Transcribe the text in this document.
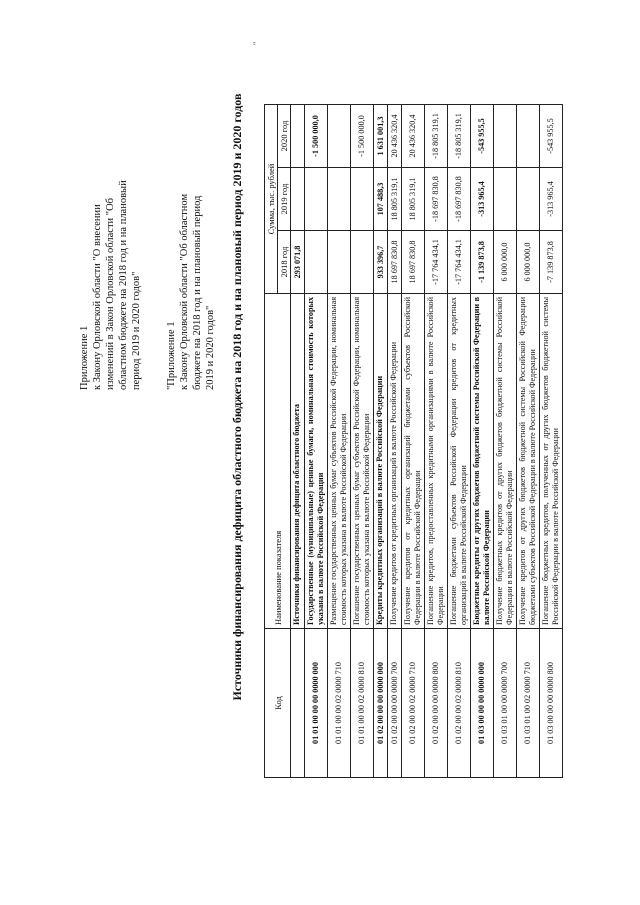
Приложение 1 к Закону Орловской области "О внесении изменений в Закон Орловской области "Об областном бюджете на 2018 год и на плановый период 2019 и 2020 годов" "Приложение 1 к Закону Орловской области "Об областном бюджете на 2018 год и на плановый период 2019 и 2020 годов" Источники финансирования дефицита областного бюджета на 2018 год и на плановый период 2019 и 2020 годов
"
Код	Наименование показателя	Сумма, тыс. рублей		
		2018 год	2019 год	2020 год
	Источники финансирования дефицита областного бюджета	293 071,8		
01 01 00 00 00 0000 000	Государственные (муниципальные) ценные бумаги, номинальная стоимость которых указана в валюте Российской Федерации			-1 500 000,0
01 01 00 00 02 0000 710	Размещение государственных ценных бумаг субъектов Российской Федерации, номинальная стоимость которых указана в валюте Российской Федерации			
01 01 00 00 02 0000 810	Погашение государственных ценных бумаг субъектов Российской Федерации, номинальная стоимость которых указана в валюте Российской Федерации			-1 500 000,0
01 02 00 00 00 0000 000	Кредиты кредитных организаций в валюте Российской Федерации	933 396,7	107 488,3	1 631 001,3
01 02 00 00 00 0000 700	Получение кредитов от кредитных организаций в валюте Российской Федерации	18 697 830,8	18 805 319,1	20 436 320,4
01 02 00 00 02 0000 710	Получение кредитов от кредитных организаций бюджетами субъектов Российской Федерации в валюте Российской Федерации	18 697 830,8	18 805 319,1	20 436 320,4
01 02 00 00 00 0000 800	Погашение кредитов, предоставленных кредитными организациями в валюте Российской Федерации	-17 764 434,1	-18 697 830,8	-18 805 319,1
01 02 00 00 02 0000 810	Погашение бюджетами субъектов Российской Федерации кредитов от кредитных организаций в валюте Российской Федерации	-17 764 434,1	-18 697 830,8	-18 805 319,1
01 03 00 00 00 0000 000	Бюджетные кредиты от других бюджетов бюджетной системы Российской Федерации в валюте Российской Федерации	-1 139 873,8	-313 965,4	-543 955,5
01 03 01 00 00 0000 700	Получение бюджетных кредитов от других бюджетов бюджетной системы Российской Федерации в валюте Российской Федерации	6 000 000,0		
01 03 01 00 02 0000 710	Получение кредитов от других бюджетов бюджетной системы Российской Федерации бюджетами субъектов Российской Федерации в валюте Российской Федерации	6 000 000,0		
01 03 00 00 00 0000 800	Погашение бюджетных кредитов, полученных от других бюджетов бюджетной системы Российской Федерации в валюте Российской Федерации	-7 139 873,8	-313 965,4	-543 955,5
